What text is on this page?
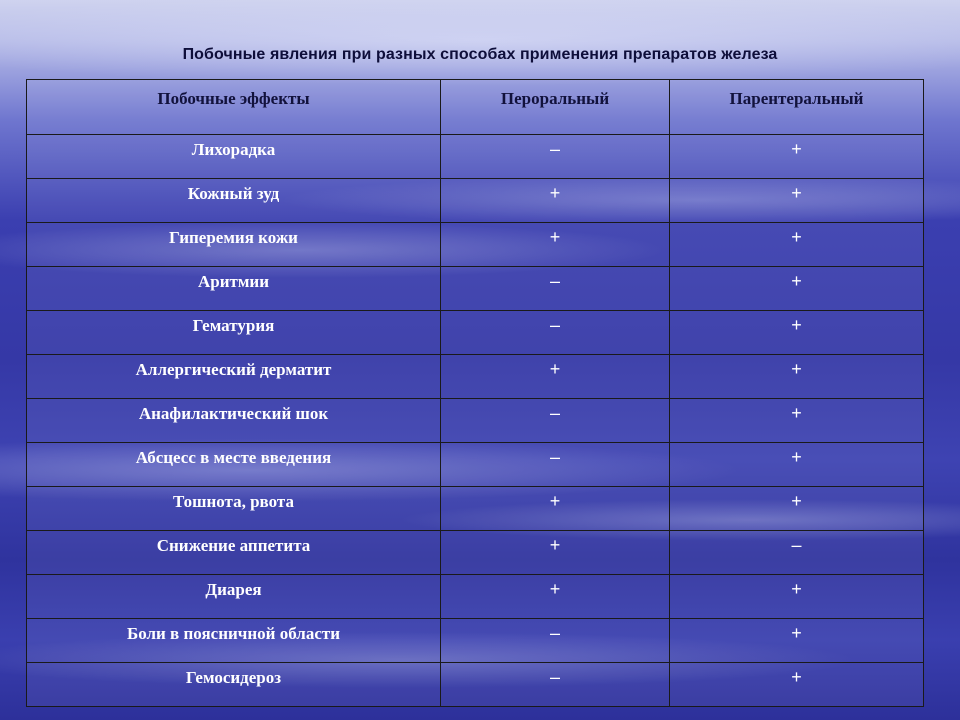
Побочные явления при разных способах применения препаратов железа
Побочные эффекты	Пероральный	Парентеральный

Лихорадка	–	+

Кожный зуд	+	+

Гиперемия кожи	+	+

Аритмии	–	+

Гематурия	–	+

Аллергический дерматит	+	+

Анафилактический шок	–	+

Абсцесс в месте введения	–	+

Тошнота, рвота	+	+

Снижение аппетита	+	–

Диарея	+	+

Боли в поясничной области	–	+

Гемосидероз	–	+
